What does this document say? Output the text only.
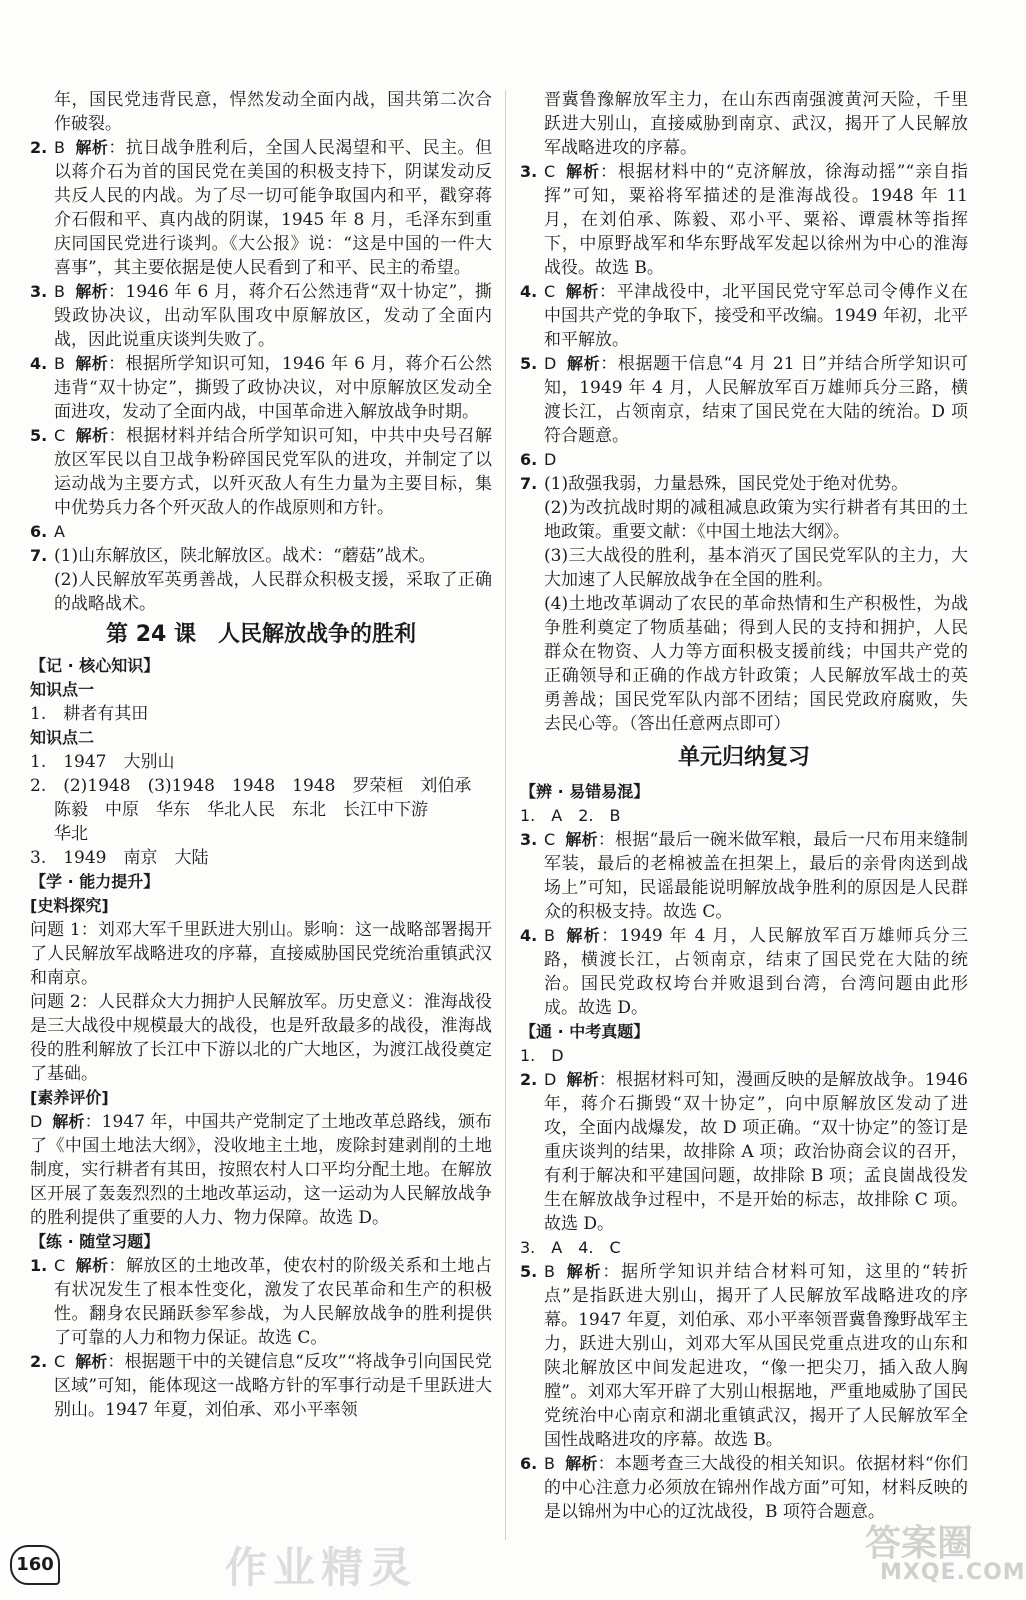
年，国民党违背民意，悍然发动全面内战，国共第二次合作破裂。

2. B 解析：抗日战争胜利后，全国人民渴望和平、民主。但以蒋介石为首的国民党在美国的积极支持下，阴谋发动反共反人民的内战。为了尽一切可能争取国内和平，戳穿蒋介石假和平、真内战的阴谋，1945 年 8 月，毛泽东到重庆同国民党进行谈判。《大公报》说：“这是中国的一件大喜事”，其主要依据是使人民看到了和平、民主的希望。
3. B 解析：1946 年 6 月，蒋介石公然违背“双十协定”，撕毁政协决议，出动军队围攻中原解放区，发动了全面内战，因此说重庆谈判失败了。
4. B 解析：根据所学知识可知，1946 年 6 月，蒋介石公然违背“双十协定”，撕毁了政协决议，对中原解放区发动全面进攻，发动了全面内战，中国革命进入解放战争时期。
5. C 解析：根据材料并结合所学知识可知，中共中央号召解放区军民以自卫战争粉碎国民党军队的进攻，并制定了以运动战为主要方式，以歼灭敌人有生力量为主要目标，集中优势兵力各个歼灭敌人的作战原则和方针。
6. A
7. (1)山东解放区，陕北解放区。战术：“蘑菇”战术。

(2)人民解放军英勇善战，人民群众积极支援，采取了正确的战略战术。

第 24 课　人民解放战争的胜利
【记 · 核心知识】
知识点一
1.　耕者有其田
知识点二
1.　1947　大别山
2.　(2)1948　(3)1948　1948　1948　罗荣桓　刘伯承
陈毅　中原　华东　华北人民　东北　长江中下游
华北
3.　1949　南京　大陆
【学 · 能力提升】
[史料探究]

问题 1：刘邓大军千里跃进大别山。影响：这一战略部署揭开了人民解放军战略进攻的序幕，直接威胁国民党统治重镇武汉和南京。

问题 2：人民群众大力拥护人民解放军。历史意义：淮海战役是三大战役中规模最大的战役，也是歼敌最多的战役，淮海战役的胜利解放了长江中下游以北的广大地区，为渡江战役奠定了基础。

[素养评价]

D 解析：1947 年，中国共产党制定了土地改革总路线，颁布了《中国土地法大纲》，没收地主土地，废除封建剥削的土地制度，实行耕者有其田，按照农村人口平均分配土地。在解放区开展了轰轰烈烈的土地改革运动，这一运动为人民解放战争的胜利提供了重要的人力、物力保障。故选 D。

【练 · 随堂习题】
1. C 解析：解放区的土地改革，使农村的阶级关系和土地占有状况发生了根本性变化，激发了农民革命和生产的积极性。翻身农民踊跃参军参战，为人民解放战争的胜利提供了可靠的人力和物力保证。故选 C。
2. C 解析：根据题干中的关键信息“反攻”“将战争引向国民党区域”可知，能体现这一战略方针的军事行动是千里跃进大别山。1947 年夏，刘伯承、邓小平率领

晋冀鲁豫解放军主力，在山东西南强渡黄河天险，千里跃进大别山，直接威胁到南京、武汉，揭开了人民解放军战略进攻的序幕。

3. C 解析：根据材料中的“克济解放，徐海动摇”“亲自指挥”可知，粟裕将军描述的是淮海战役。1948 年 11 月，在刘伯承、陈毅、邓小平、粟裕、谭震林等指挥下，中原野战军和华东野战军发起以徐州为中心的淮海战役。故选 B。
4. C 解析：平津战役中，北平国民党守军总司令傅作义在中国共产党的争取下，接受和平改编。1949 年初，北平和平解放。
5. D 解析：根据题干信息“4 月 21 日”并结合所学知识可知，1949 年 4 月，人民解放军百万雄师兵分三路，横渡长江，占领南京，结束了国民党在大陆的统治。D 项符合题意。
6. D
7. (1)敌强我弱，力量悬殊，国民党处于绝对优势。

(2)为改抗战时期的减租减息政策为实行耕者有其田的土地政策。重要文献：《中国土地法大纲》。

(3)三大战役的胜利，基本消灭了国民党军队的主力，大大加速了人民解放战争在全国的胜利。

(4)土地改革调动了农民的革命热情和生产积极性，为战争胜利奠定了物质基础；得到人民的支持和拥护，人民群众在物资、人力等方面积极支援前线；中国共产党的正确领导和正确的作战方针政策；人民解放军战士的英勇善战；国民党军队内部不团结；国民党政府腐败，失去民心等。（答出任意两点即可）

单元归纳复习
【辨 · 易错易混】
1.　A　2.　B
3. C 解析：根据“最后一碗米做军粮，最后一尺布用来缝制军装，最后的老棉被盖在担架上，最后的亲骨肉送到战场上”可知，民谣最能说明解放战争胜利的原因是人民群众的积极支持。故选 C。
4. B 解析：1949 年 4 月，人民解放军百万雄师兵分三路，横渡长江，占领南京，结束了国民党在大陆的统治。国民党政权垮台并败退到台湾，台湾问题由此形成。故选 D。
【通 · 中考真题】
1.　D
2. D 解析：根据材料可知，漫画反映的是解放战争。1946 年，蒋介石撕毁“双十协定”，向中原解放区发动了进攻，全面内战爆发，故 D 项正确。“双十协定”的签订是重庆谈判的结果，故排除 A 项；政治协商会议的召开，有利于解决和平建国问题，故排除 B 项；孟良崮战役发生在解放战争过程中，不是开始的标志，故排除 C 项。故选 D。
3.　A　4.　C
5. B 解析：据所学知识并结合材料可知，这里的“转折点”是指跃进大别山，揭开了人民解放军战略进攻的序幕。1947 年夏，刘伯承、邓小平率领晋冀鲁豫野战军主力，跃进大别山，刘邓大军从国民党重点进攻的山东和陕北解放区中间发起进攻，“像一把尖刀，插入敌人胸膛”。刘邓大军开辟了大别山根据地，严重地威胁了国民党统治中心南京和湖北重镇武汉，揭开了人民解放军全国性战略进攻的序幕。故选 B。
6. B 解析：本题考查三大战役的相关知识。依据材料“你们的中心注意力必须放在锦州作战方面”可知，材料反映的是以锦州为中心的辽沈战役，B 项符合题意。
160	作业精灵	答案圈
MXQE.COM
